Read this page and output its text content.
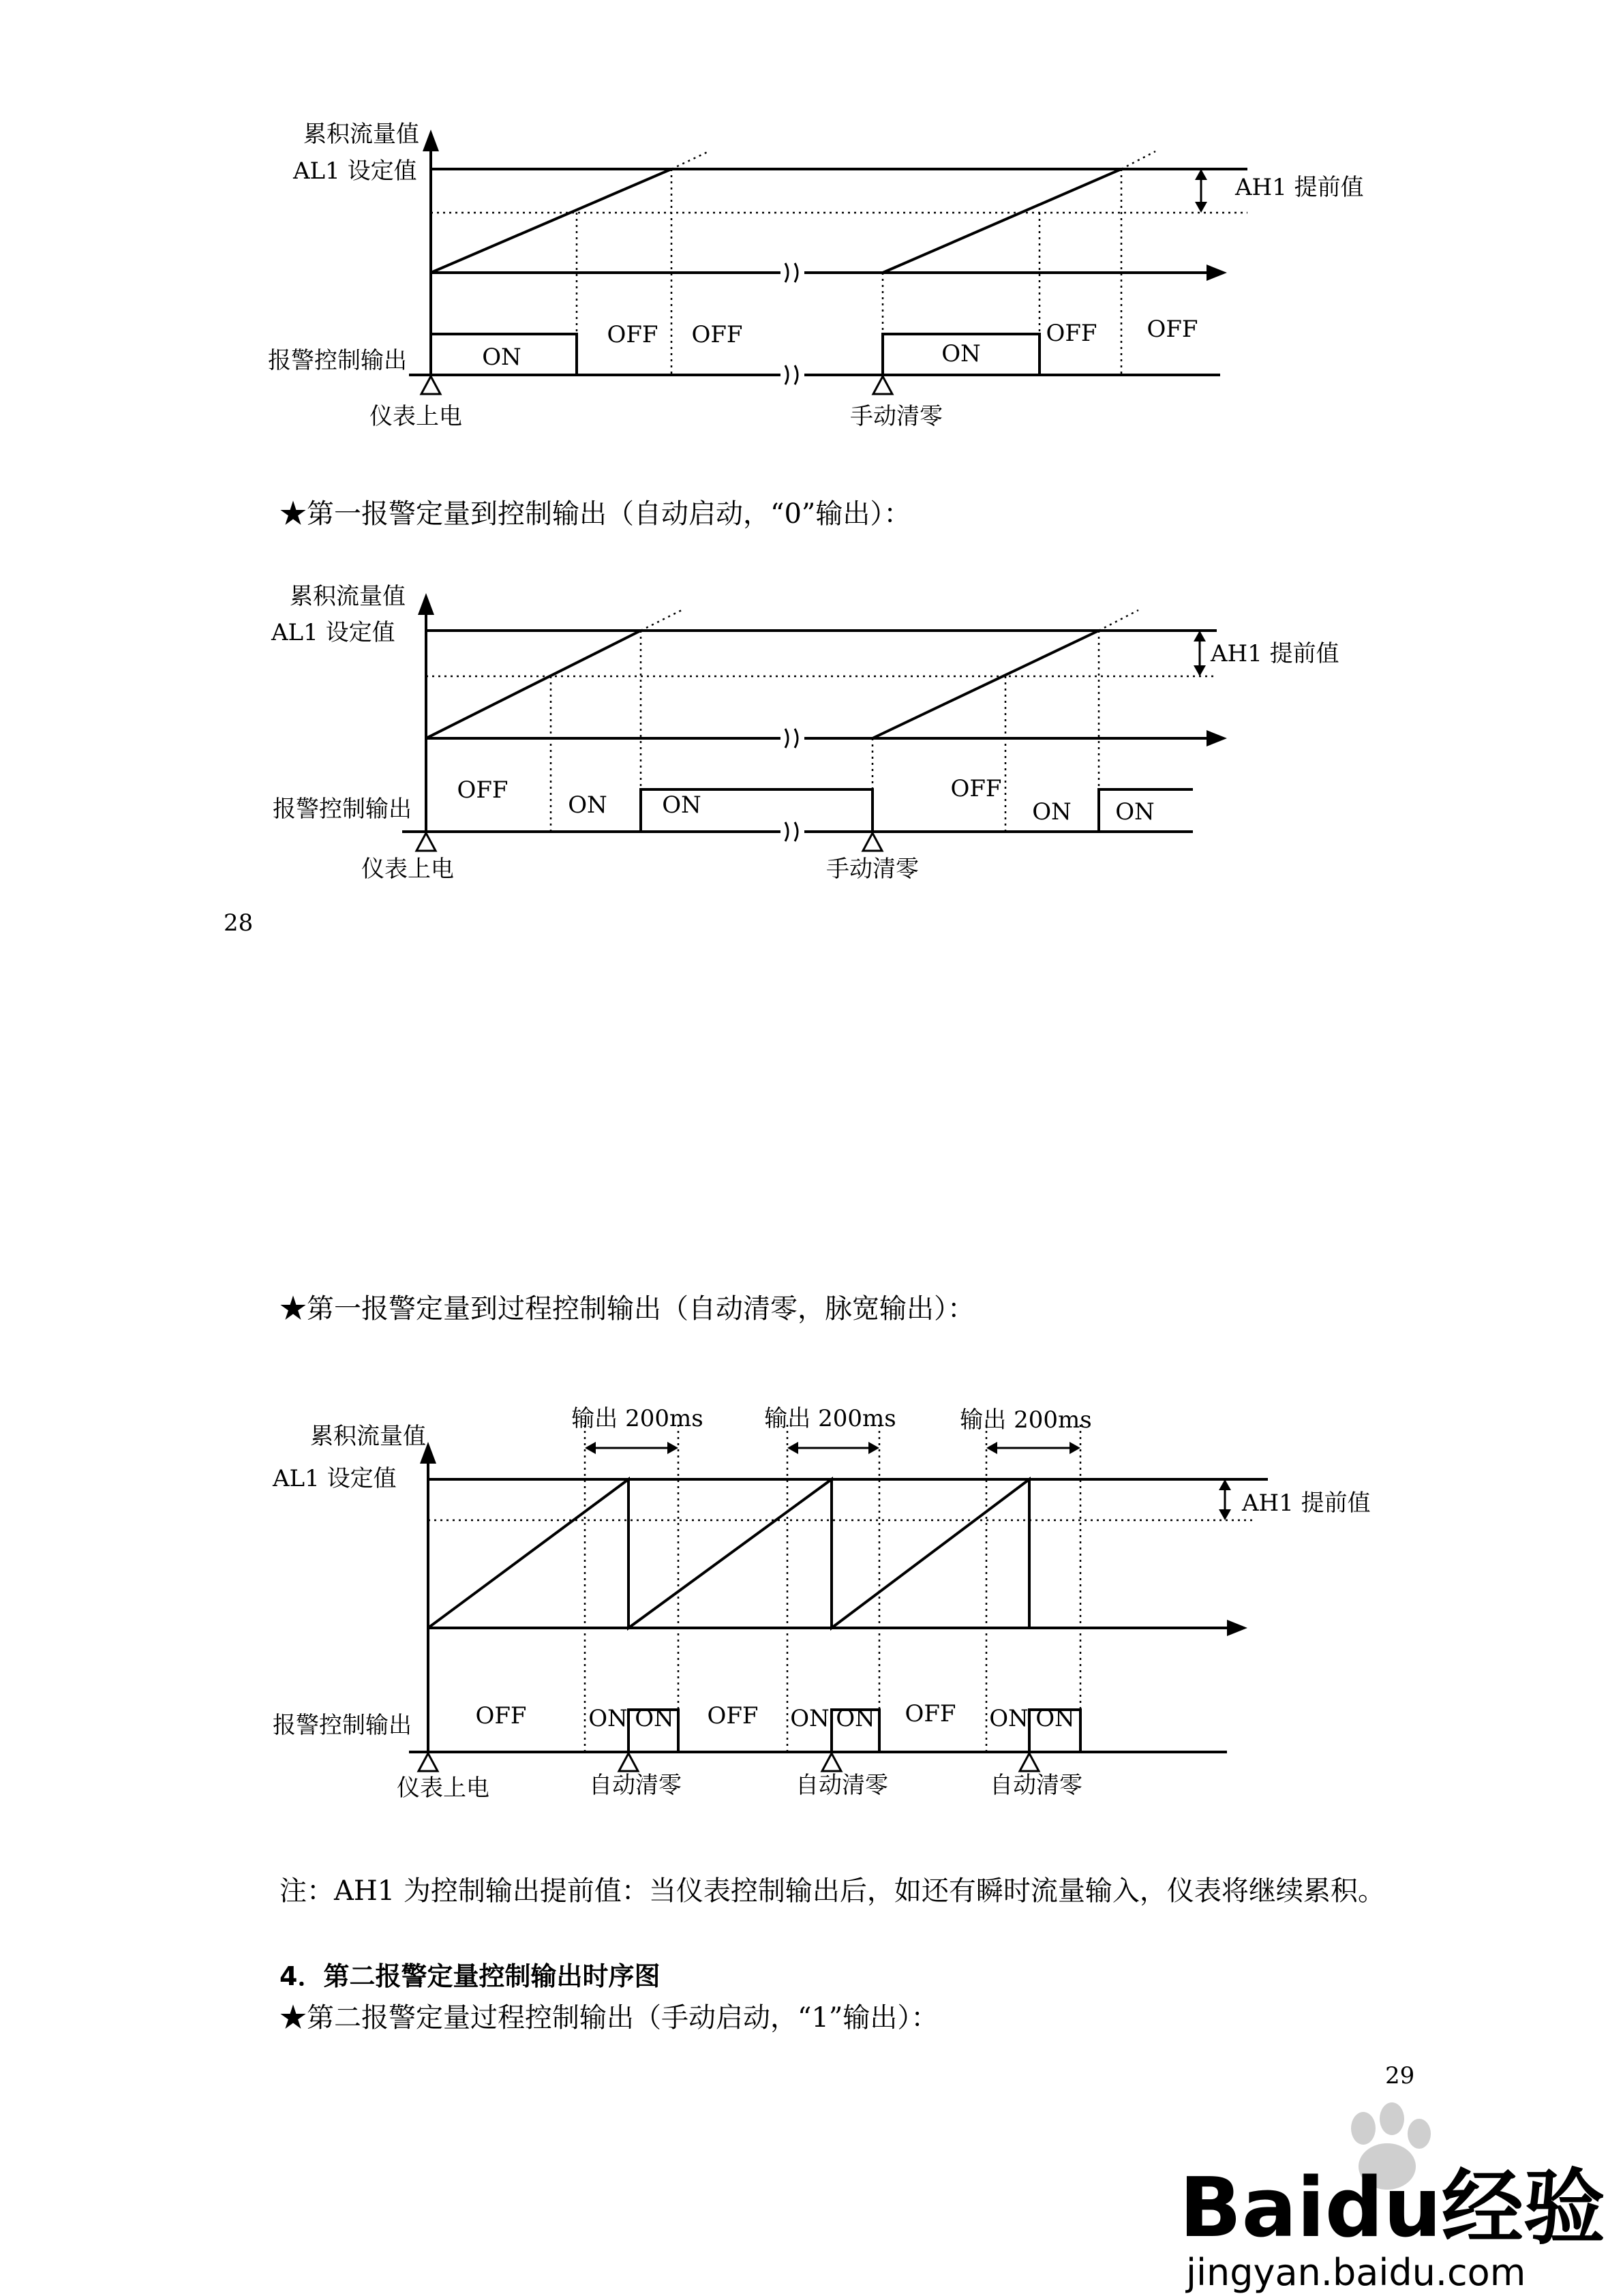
累积流量值
AL1 设定值
AH1 提前值
报警控制输出	ON
OFF OFF
ON
OFF OFF
仪表上电	手动清零
★第一报警定量到控制输出（自动启动，“0”输出）：
累积流量值
AL1 设定值
AH1 提前值
报警控制输出
OFF
ON ON
OFF
ON ON
仪表上电	手动清零
28
★第一报警定量到过程控制输出（自动清零，脉宽输出）：
累积流量值
AL1 设定值
AH1 提前值
报警控制输出
输出 200ms	输出 200ms	输出 200ms
OFF	ON ON OFF ON ON OFF ON ON
仪表上电	自动清零	自动清零	自动清零
注：AH1 为控制输出提前值：当仪表控制输出后，如还有瞬时流量输入，仪表将继续累积。
4．第二报警定量控制输出时序图
★第二报警定量过程控制输出（手动启动，“1”输出）：
29
Baidu经验
jingyan.baidu.com
